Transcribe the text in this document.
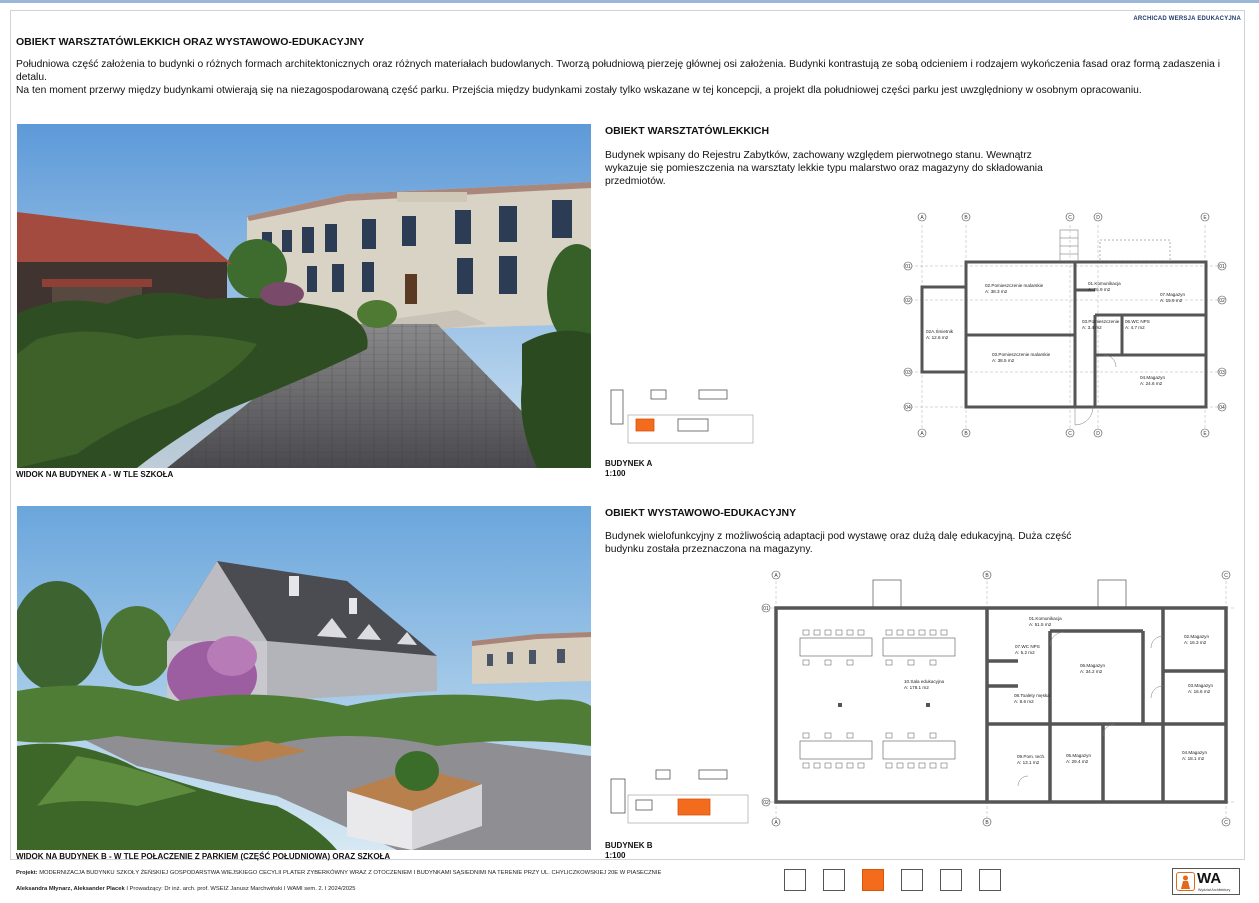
ARCHICAD WERSJA EDUKACYJNA
OBIEKT WARSZTATÓWLEKKICH ORAZ WYSTAWOWO-EDUKACYJNY

Południowa część założenia to budynki o różnych formach architektonicznych oraz różnych materiałach budowlanych. Tworzą południową pierzeję głównej osi założenia. Budynki kontrastują ze sobą odcieniem i rodzajem wykończenia fasad oraz formą zadaszenia i detalu.

Na ten moment przerwy między budynkami otwierają się na niezagospodarowaną część parku. Przejścia między budynkami zostały tylko wskazane w tej koncepcji, a projekt dla południowej części parku jest uwzględniony w osobnym opracowaniu.

WIDOK NA BUDYNEK A - W TLE SZKOŁA
WIDOK NA BUDYNEK B - W TLE POŁACZENIE Z PARKIEM (CZĘŚĆ POŁUDNIOWA) ORAZ SZKOŁA
OBIEKT WARSZTATÓWLEKKICH
Budynek wpisany do Rejestru Zabytków, zachowany względem pierwotnego stanu. Wewnątrz wykazuje się pomieszczenia na warsztaty lekkie typu malarstwo oraz magazyny do składowania przedmiotów.
BUDYNEK A
1:100
A	B	C	D	E
A	B	C	D	E
01
02
03
04
01
02
03
04
02.Pomieszczenie malarskie
A: 38.3 m2
01.Komunikacja
A: 26.9 m2
07.Magazyn
A: 15.9 m2
03.Pomieszczenie
A: 3.4 m2
06.WC NPS
A: 4.7 m2
02A.Śmietnik
A: 12.6 m2
03.Pomieszczenie malarskie
A: 38.5 m2
04.Magazyn
A: 24.6 m2
OBIEKT WYSTAWOWO-EDUKACYJNY
Budynek wielofunkcyjny z możliwością adaptacji pod wystawę oraz dużą dalę edukacyjną. Duża część budynku została przeznaczona na magazyny.
BUDYNEK B
1:100
A	B	C
A	B	C
01
02
01.Komunikacja
A: 51.5 m2
02.Magazyn
A: 16.3 m2
07.WC NPS
A: 5.2 m2
06.Magazyn
A: 34.2 m2
03.Magazyn
A: 16.6 m2
10.Sala edukacyjna
A: 178.1 m2
08.Toalety męska
A: 8.6 m2
09.Pom. tech.
A: 13.1 m2
05.Magazyn
A: 29.4 m2
04.Magazyn
A: 18.1 m2
Projekt: MODERNIZACJA BUDYNKU SZKOŁY ŻEŃSKIEJ GOSPODARSTWA WIEJSKIEGO CECYLII PLATER ZYBERKÓWNY WRAZ Z OTOCZENIEM I BUDYNKAMI SĄSIEDNIMI NA TERENIE PRZY UL. CHYLICZKOWSKIEJ 20E W PIASECZNIE
Aleksandra Młynarz, Aleksander Placek I Prowadzący: Dr inż. arch. prof. WSEIZ Janusz Marchwiński I WAMI sem. 2. I 2024/2025
WA
Wydział Architektury
